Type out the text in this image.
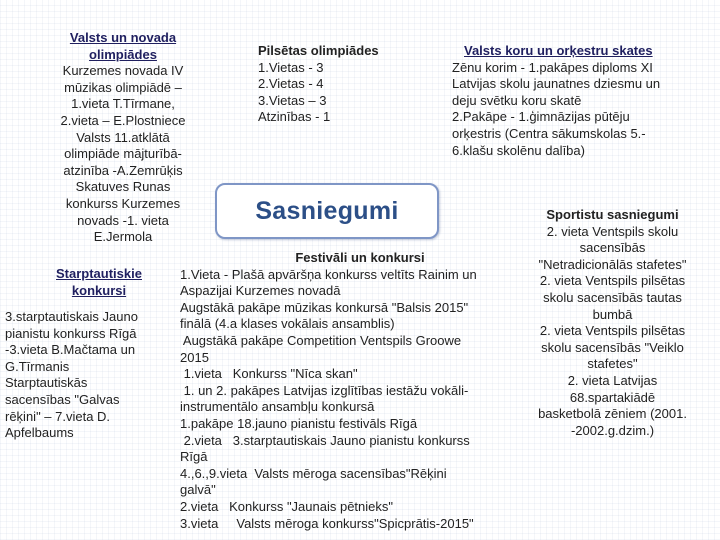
Valsts un novada
olimpiādes
Kurzemes novada IV
mūzikas olimpiādē –
1.vieta T.Tīrmane,
2.vieta – E.Plostniece
Valsts 11.atklātā
olimpiāde mājturībā-
atzinība -A.Zemrūķis
Skatuves Runas
konkurss Kurzemes
novads -1. vieta
E.Jermola
Pilsētas olimpiādes
1.Vietas - 3
2.Vietas - 4
3.Vietas – 3
Atzinības - 1
Valsts koru un orķestru skates
Zēnu korim - 1.pakāpes diploms XI
Latvijas skolu jaunatnes dziesmu un
deju svētku koru skatē
2.Pakāpe - 1.ģimnāzijas pūtēju
orķestris (Centra sākumskolas 5.-
6.klašu skolēnu dalība)
Sasniegumi	Sportistu sasniegumi
2. vieta Ventspils skolu
sacensībās
"Netradicionālās stafetes"
2. vieta Ventspils pilsētas
skolu sacensībās tautas
bumbā
2. vieta Ventspils pilsētas
skolu sacensībās "Veiklo
stafetes"
2. vieta Latvijas
68.spartakiādē
basketbolā zēniem (2001.
-2002.g.dzim.)
Starptautiskie
konkursi
3.starptautiskais Jauno
pianistu konkurss Rīgā
-3.vieta B.Mačtama un
G.Tīrmanis
Starptautiskās
sacensības "Galvas
rēķini" – 7.vieta D.
Apfelbaums
Festivāli un konkursi
1.Vieta - Plašā apvāršņa konkurss veltīts Rainim un
Aspazijai Kurzemes novadā
Augstākā pakāpe mūzikas konkursā "Balsis 2015"
finālā (4.a klases vokālais ansamblis)
Augstākā pakāpe Competition Ventspils Groowe
2015
1.vieta   Konkurss "Nīca skan"
1. un 2. pakāpes Latvijas izglītības iestāžu vokāli-
instrumentālo ansambļu konkursā
1.pakāpe 18.jauno pianistu festivāls Rīgā
2.vieta   3.starptautiskais Jauno pianistu konkurss
Rīgā
4.,6.,9.vieta  Valsts mēroga sacensības"Rēķini
galvā"
2.vieta   Konkurss "Jaunais pētnieks"
3.vieta     Valsts mēroga konkurss"Spicprātis-2015"
